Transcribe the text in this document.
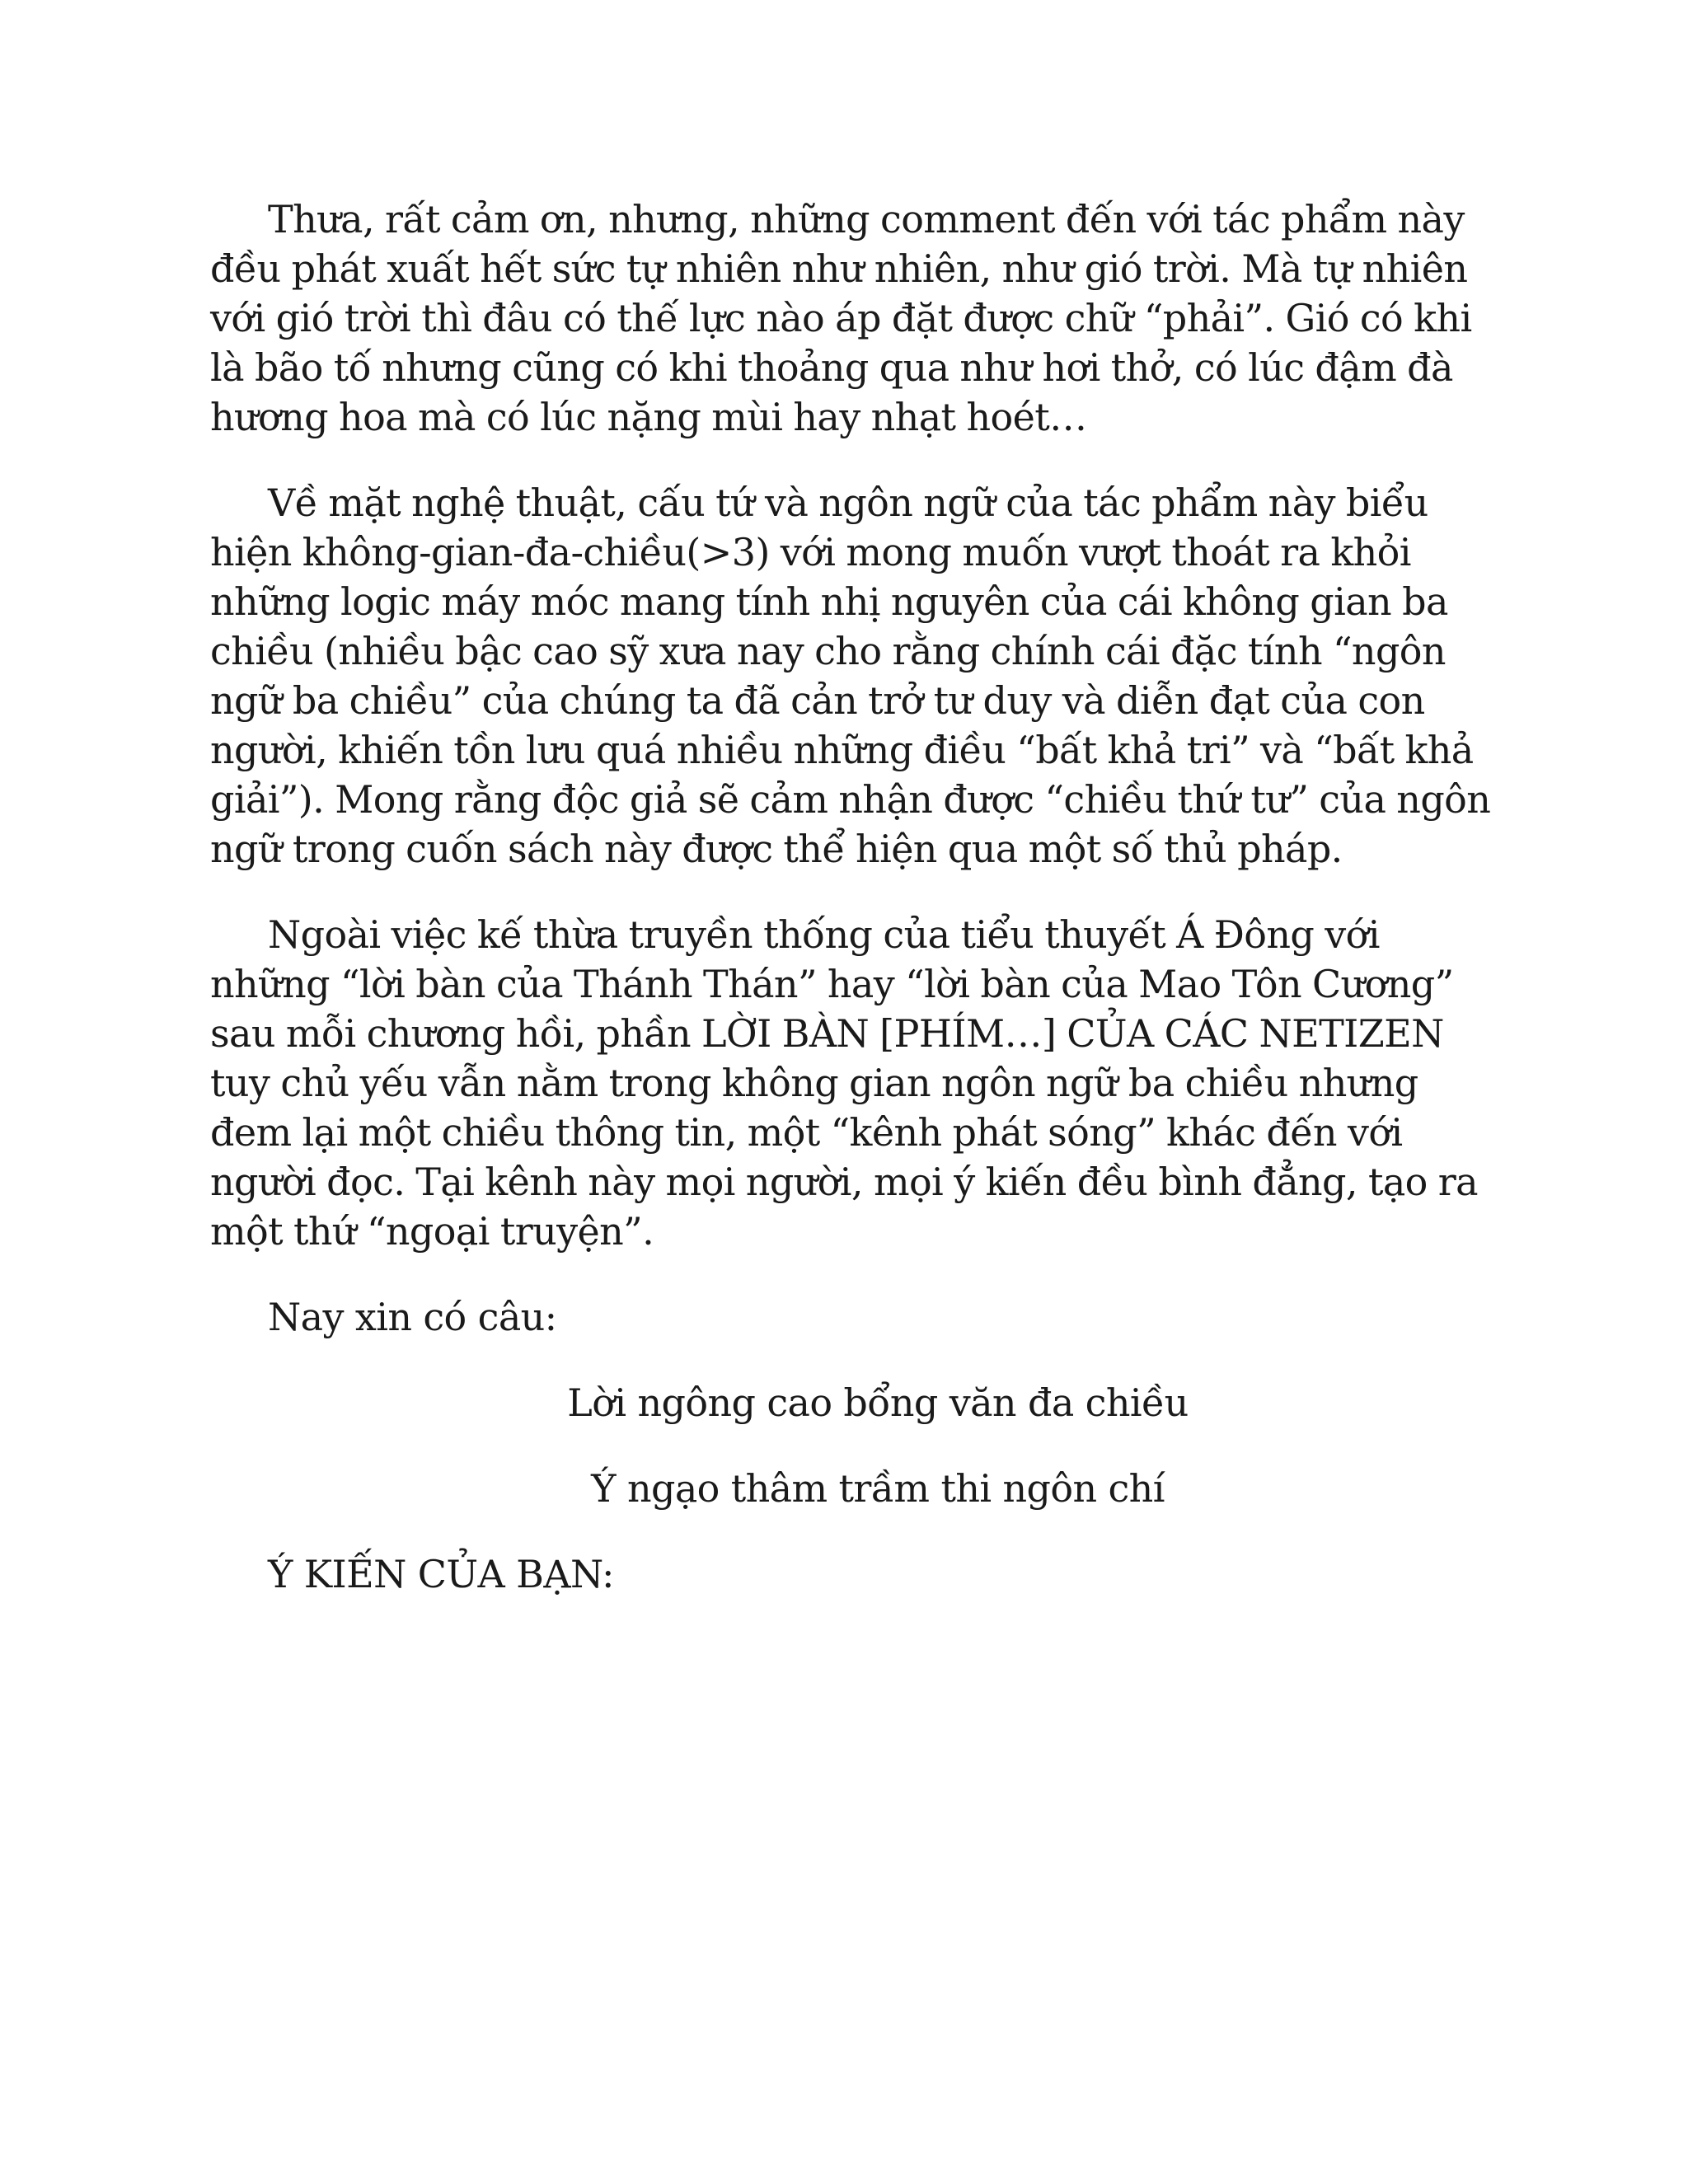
Thưa, rất cảm ơn, nhưng, những comment đến với tác phẩm này
đều phát xuất hết sức tự nhiên như nhiên, như gió trời. Mà tự nhiên
với gió trời thì đâu có thế lực nào áp đặt được chữ “phải”. Gió có khi
là bão tố nhưng cũng có khi thoảng qua như hơi thở, có lúc đậm đà
hương hoa mà có lúc nặng mùi hay nhạt hoét…

Về mặt nghệ thuật, cấu tứ và ngôn ngữ của tác phẩm này biểu
hiện không-gian-đa-chiều(>3) với mong muốn vượt thoát ra khỏi
những logic máy móc mang tính nhị nguyên của cái không gian ba
chiều (nhiều bậc cao sỹ xưa nay cho rằng chính cái đặc tính “ngôn
ngữ ba chiều” của chúng ta đã cản trở tư duy và diễn đạt của con
người, khiến tồn lưu quá nhiều những điều “bất khả tri” và “bất khả
giải”). Mong rằng độc giả sẽ cảm nhận được “chiều thứ tư” của ngôn
ngữ trong cuốn sách này được thể hiện qua một số thủ pháp.

Ngoài việc kế thừa truyền thống của tiểu thuyết Á Đông với
những “lời bàn của Thánh Thán” hay “lời bàn của Mao Tôn Cương”
sau mỗi chương hồi, phần LỜI BÀN [PHÍM…] CỦA CÁC NETIZEN
tuy chủ yếu vẫn nằm trong không gian ngôn ngữ ba chiều nhưng
đem lại một chiều thông tin, một “kênh phát sóng” khác đến với
người đọc. Tại kênh này mọi người, mọi ý kiến đều bình đẳng, tạo ra
một thứ “ngoại truyện”.

Nay xin có câu:

Lời ngông cao bổng văn đa chiều

Ý ngạo thâm trầm thi ngôn chí

Ý KIẾN CỦA BẠN:
